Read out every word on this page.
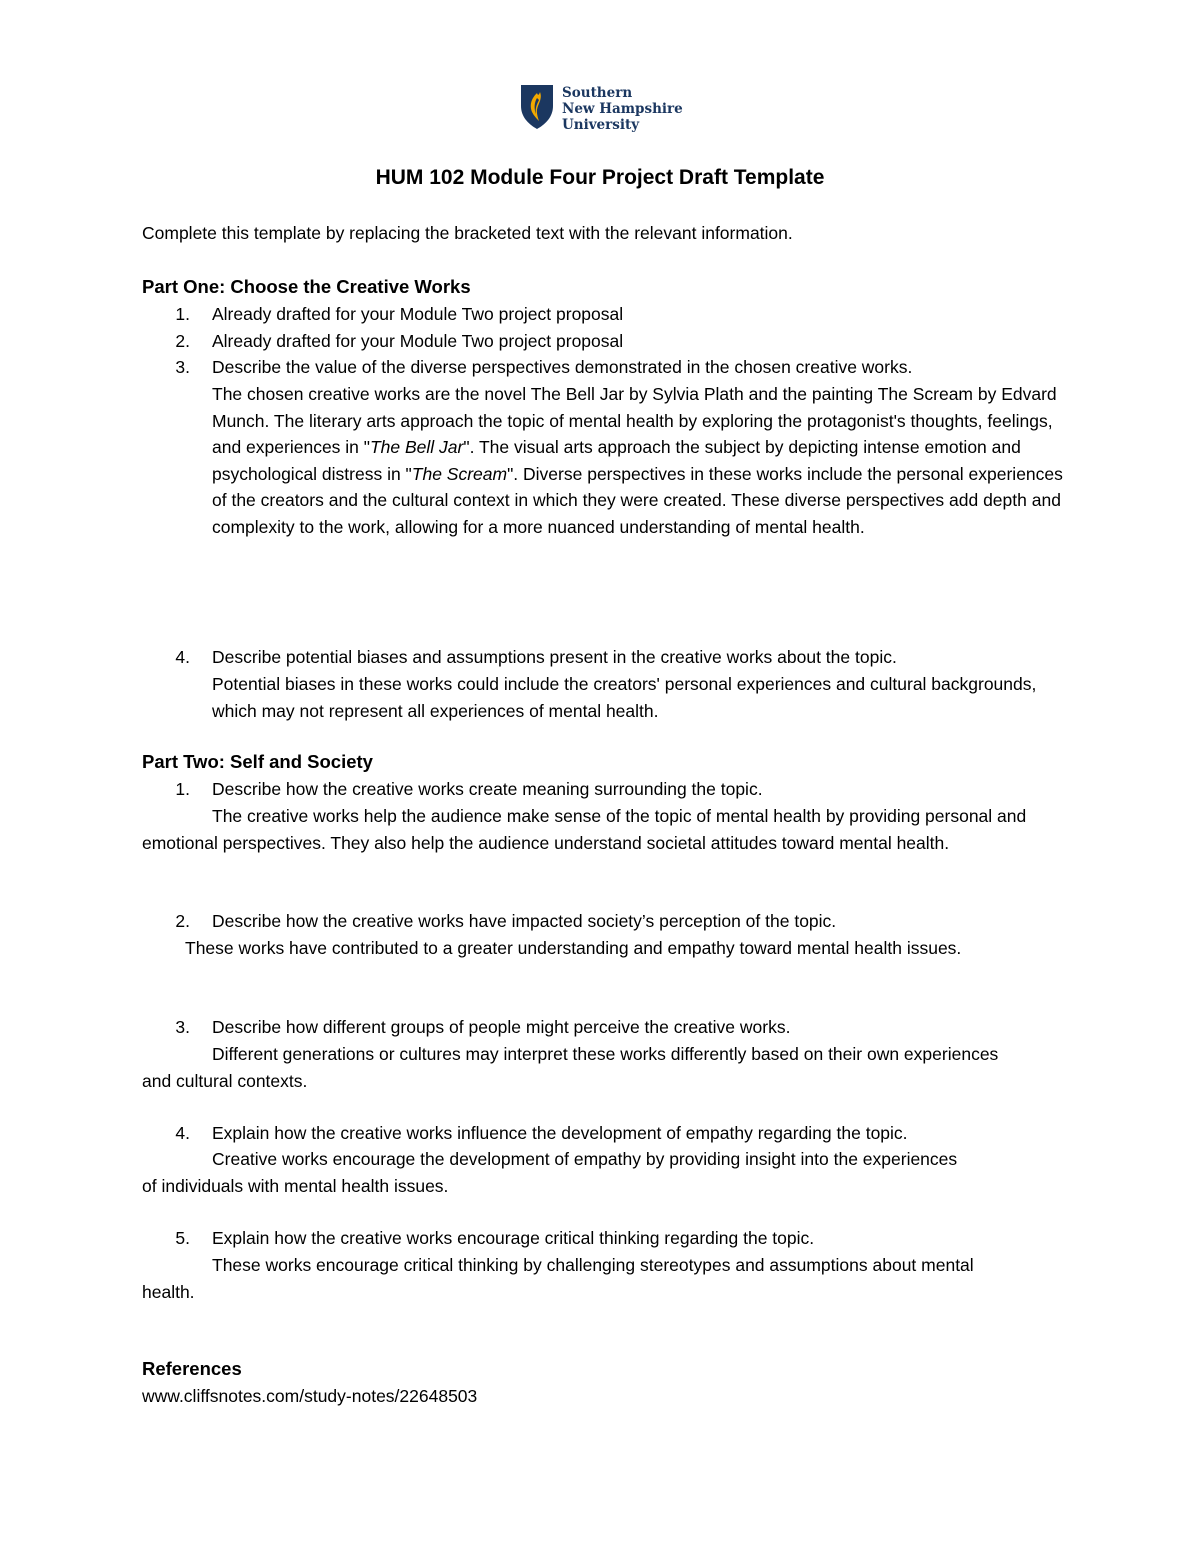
Southern
New Hampshire
University
HUM 102 Module Four Project Draft Template
Complete this template by replacing the bracketed text with the relevant information.
Part One: Choose the Creative Works
1. Already drafted for your Module Two project proposal
2. Already drafted for your Module Two project proposal
3. Describe the value of the diverse perspectives demonstrated in the chosen creative works.
The chosen creative works are the novel The Bell Jar by Sylvia Plath and the painting The Scream by Edvard Munch. The literary arts approach the topic of mental health by exploring the protagonist's thoughts, feelings, and experiences in "The Bell Jar". The visual arts approach the subject by depicting intense emotion and psychological distress in "The Scream". Diverse perspectives in these works include the personal experiences of the creators and the cultural context in which they were created. These diverse perspectives add depth and complexity to the work, allowing for a more nuanced understanding of mental health.
4. Describe potential biases and assumptions present in the creative works about the topic.
Potential biases in these works could include the creators' personal experiences and cultural backgrounds, which may not represent all experiences of mental health.
Part Two: Self and Society
1. Describe how the creative works create meaning surrounding the topic.
The creative works help the audience make sense of the topic of mental health by providing personal and emotional perspectives. They also help the audience understand societal attitudes toward mental health.
2. Describe how the creative works have impacted society’s perception of the topic.
These works have contributed to a greater understanding and empathy toward mental health issues.
3. Describe how different groups of people might perceive the creative works.
Different generations or cultures may interpret these works differently based on their own experiences and cultural contexts.
4. Explain how the creative works influence the development of empathy regarding the topic.
Creative works encourage the development of empathy by providing insight into the experiences of individuals with mental health issues.
5. Explain how the creative works encourage critical thinking regarding the topic.
These works encourage critical thinking by challenging stereotypes and assumptions about mental health.
References
www.cliffsnotes.com/study-notes/22648503
